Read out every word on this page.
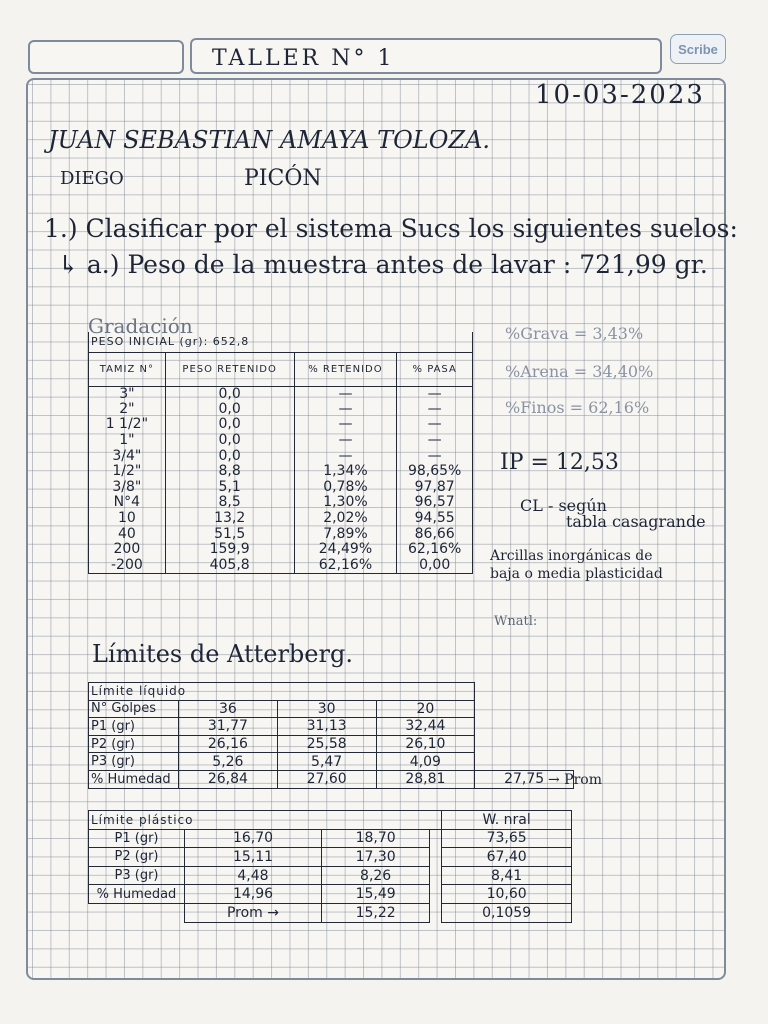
Scribe
TALLER N° 1
10-03-2023
JUAN SEBASTIAN AMAYA TOLOZA.
DIEGO	PICÓN
1.) Clasificar por el sistema Sucs los siguientes suelos:
↳ a.) Peso de la muestra antes de lavar : 721,99 gr.
Gradación
PESO INICIAL (gr): 652,8			
TAMIZ N°	PESO RETENIDO	% RETENIDO	% PASA
3"	0,0	—	—
2"	0,0	—	—
1 1/2"	0,0	—	—
1"	0,0	—	—
3/4"	0,0	—	—
1/2"	8,8	1,34%	98,65%
3/8"	5,1	0,78%	97,87
N°4	8,5	1,30%	96,57
10	13,2	2,02%	94,55
40	51,5	7,89%	86,66
200	159,9	24,49%	62,16%
-200	405,8	62,16%	0,00
%Grava = 3,43%
%Arena = 34,40%
%Finos = 62,16%
IP = 12,53
CL - según
tabla casagrande
Arcillas inorgánicas de
baja o media plasticidad
Wnatl:
Límites de Atterberg.
Límite líquido				
N° Golpes	36	30	20	
P1 (gr)	31,77	31,13	32,44	
P2 (gr)	26,16	25,58	26,10	
P3 (gr)	5,26	5,47	4,09	
% Humedad	26,84	27,60	28,81	27,75 → Prom
Límite plástico				W. nral
P1 (gr)	16,70	18,70		73,65
P2 (gr)	15,11	17,30		67,40
P3 (gr)	4,48	8,26		8,41
% Humedad	14,96	15,49		10,60
	Prom →	15,22		0,1059
